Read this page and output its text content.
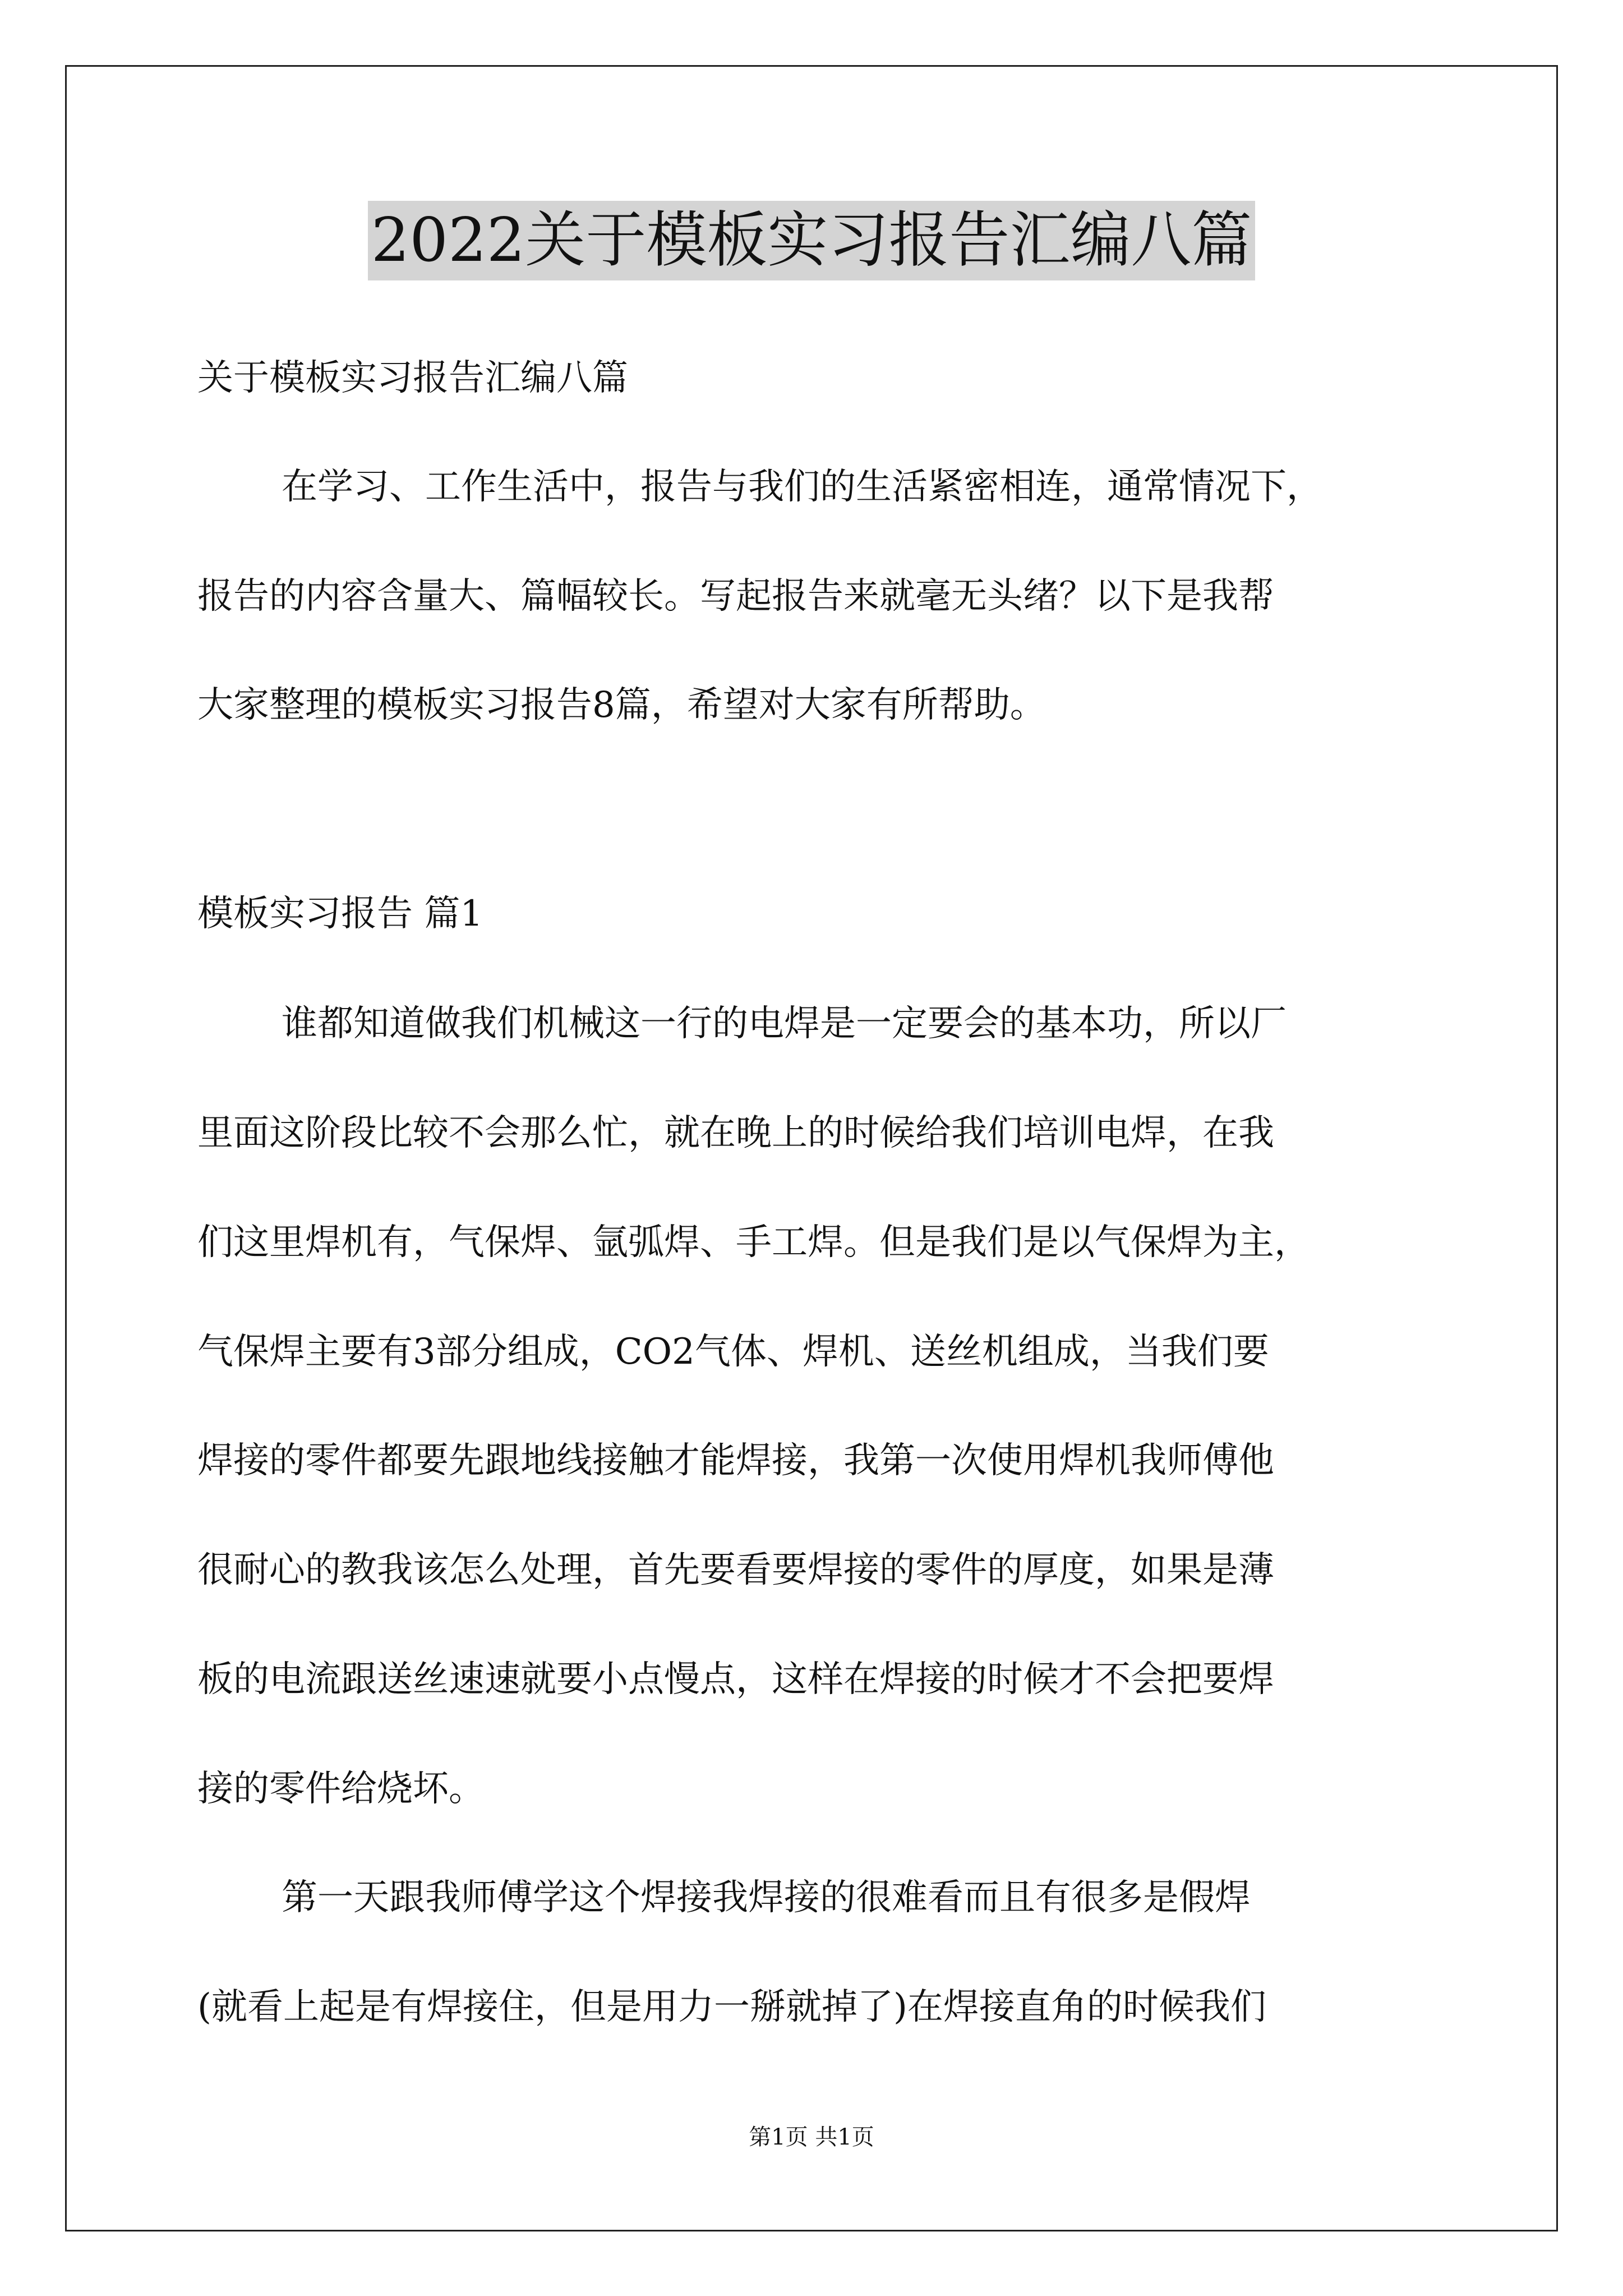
2022关于模板实习报告汇编八篇
关于模板实习报告汇编八篇
在学习、工作生活中，报告与我们的生活紧密相连，通常情况下，
报告的内容含量大、篇幅较长。写起报告来就毫无头绪？以下是我帮
大家整理的模板实习报告8篇，希望对大家有所帮助。
模板实习报告 篇1
谁都知道做我们机械这一行的电焊是一定要会的基本功，所以厂
里面这阶段比较不会那么忙，就在晚上的时候给我们培训电焊，在我
们这里焊机有，气保焊、氩弧焊、手工焊。但是我们是以气保焊为主，
气保焊主要有3部分组成，CO2气体、焊机、送丝机组成，当我们要
焊接的零件都要先跟地线接触才能焊接，我第一次使用焊机我师傅他
很耐心的教我该怎么处理，首先要看要焊接的零件的厚度，如果是薄
板的电流跟送丝速速就要小点慢点，这样在焊接的时候才不会把要焊
接的零件给烧坏。
第一天跟我师傅学这个焊接我焊接的很难看而且有很多是假焊
(就看上起是有焊接住，但是用力一掰就掉了)在焊接直角的时候我们
第1页 共1页
